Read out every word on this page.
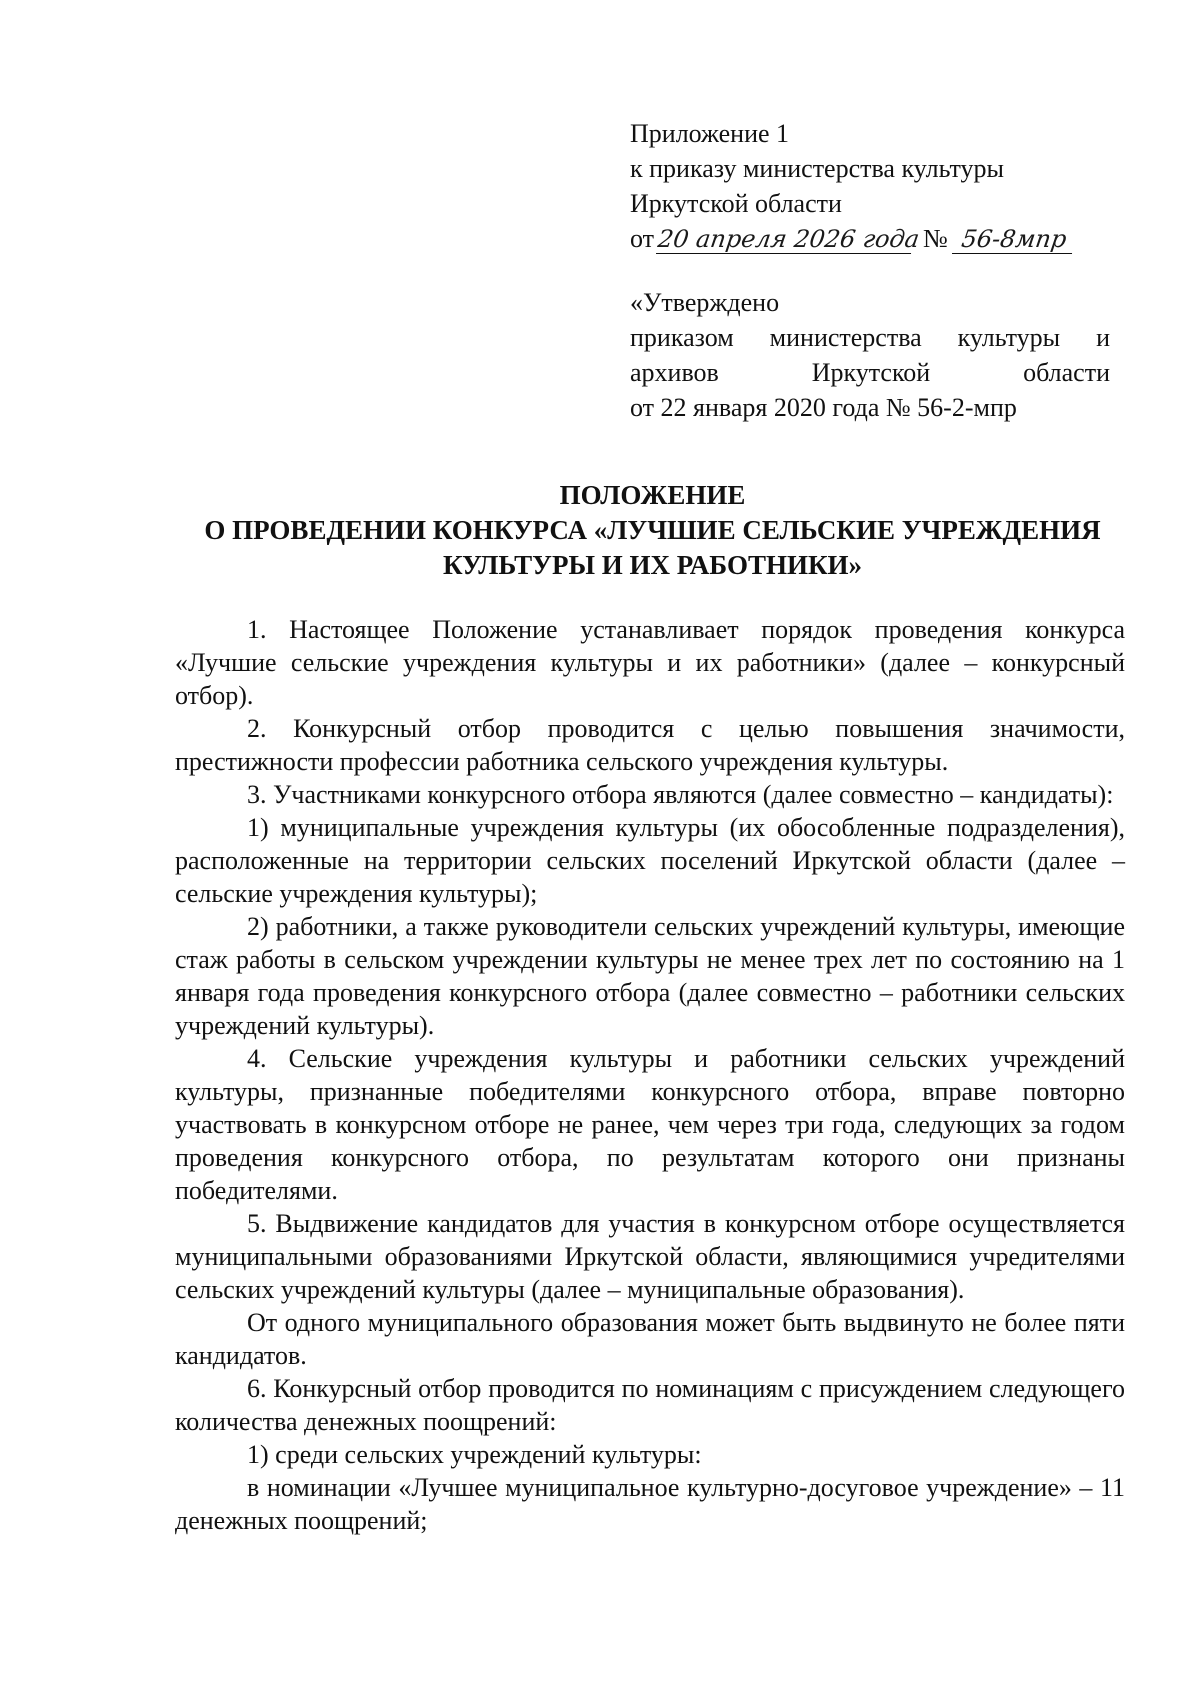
Приложение 1
к приказу министерства культуры
Иркутской области
от 20 апреля 2026 года № 56-8мпр
«Утверждено
приказом министерства культуры и
архивов Иркутской области
от 22 января 2020 года № 56-2-мпр
ПОЛОЖЕНИЕ
О ПРОВЕДЕНИИ КОНКУРСА «ЛУЧШИЕ СЕЛЬСКИЕ УЧРЕЖДЕНИЯ
КУЛЬТУРЫ И ИХ РАБОТНИКИ»

1. Настоящее Положение устанавливает порядок проведения конкурса «Лучшие сельские учреждения культуры и их работники» (далее – конкурсный отбор).

2. Конкурсный отбор проводится с целью повышения значимости, престижности профессии работника сельского учреждения культуры.

3. Участниками конкурсного отбора являются (далее совместно – кандидаты):

1) муниципальные учреждения культуры (их обособленные подразделения), расположенные на территории сельских поселений Иркутской области (далее – сельские учреждения культуры);

2) работники, а также руководители сельских учреждений культуры, имеющие стаж работы в сельском учреждении культуры не менее трех лет по состоянию на 1 января года проведения конкурсного отбора (далее совместно – работники сельских учреждений культуры).

4. Сельские учреждения культуры и работники сельских учреждений культуры, признанные победителями конкурсного отбора, вправе повторно участвовать в конкурсном отборе не ранее, чем через три года, следующих за годом проведения конкурсного отбора, по результатам которого они признаны победителями.

5. Выдвижение кандидатов для участия в конкурсном отборе осуществляется муниципальными образованиями Иркутской области, являющимися учредителями сельских учреждений культуры (далее – муниципальные образования).

От одного муниципального образования может быть выдвинуто не более пяти кандидатов.

6. Конкурсный отбор проводится по номинациям с присуждением следующего количества денежных поощрений:

1) среди сельских учреждений культуры:

в номинации «Лучшее муниципальное культурно-досуговое учреждение» – 11 денежных поощрений;
